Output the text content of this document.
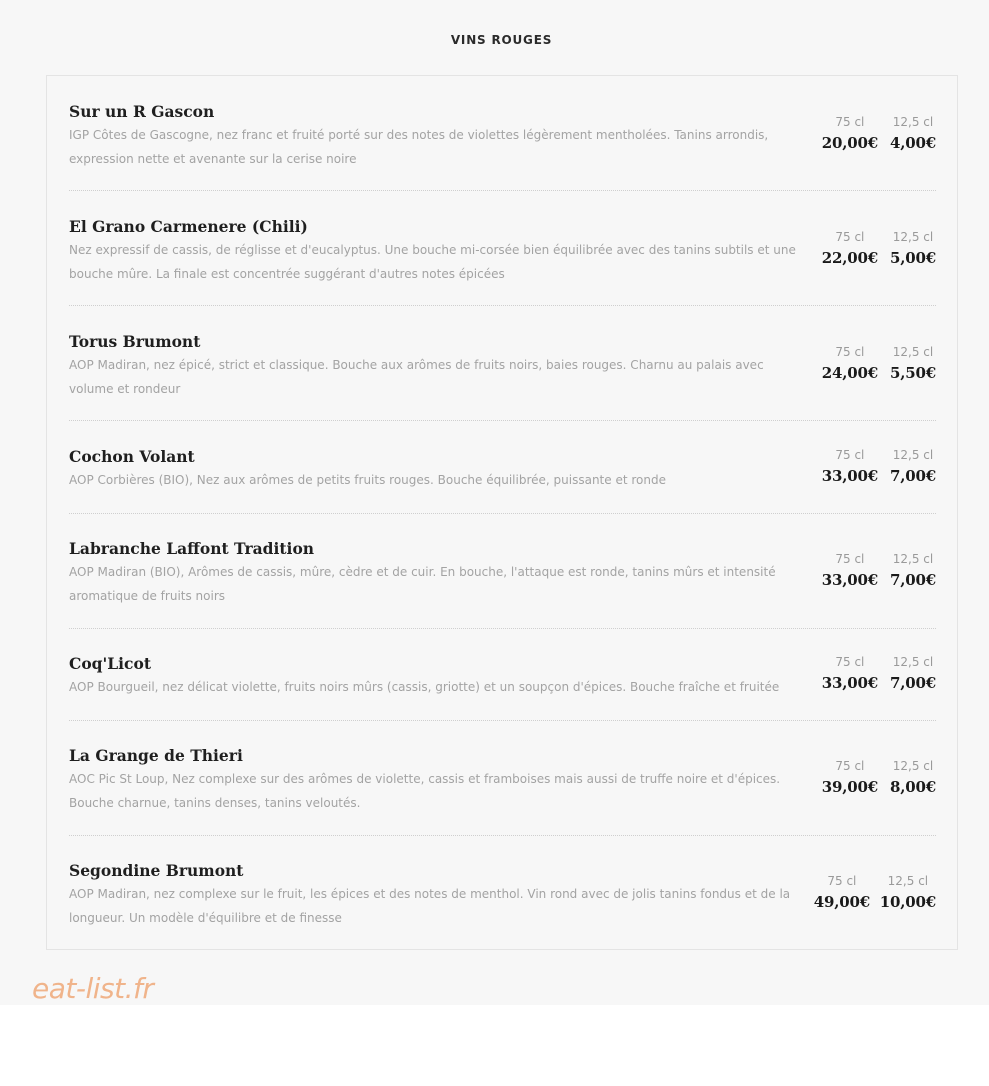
VINS ROUGES
Sur un R Gascon
IGP Côtes de Gascogne, nez franc et fruité porté sur des notes de violettes légèrement mentholées. Tanins arrondis, expression nette et avenante sur la cerise noire
75 cl
20,00€
12,5 cl
4,00€
El Grano Carmenere (Chili)
Nez expressif de cassis, de réglisse et d'eucalyptus. Une bouche mi-corsée bien équilibrée avec des tanins subtils et une bouche mûre. La finale est concentrée suggérant d'autres notes épicées
75 cl
22,00€
12,5 cl
5,00€
Torus Brumont
AOP Madiran, nez épicé, strict et classique. Bouche aux arômes de fruits noirs, baies rouges. Charnu au palais avec volume et rondeur
75 cl
24,00€
12,5 cl
5,50€
Cochon Volant
AOP Corbières (BIO), Nez aux arômes de petits fruits rouges. Bouche équilibrée, puissante et ronde
75 cl
33,00€
12,5 cl
7,00€
Labranche Laffont Tradition
AOP Madiran (BIO), Arômes de cassis, mûre, cèdre et de cuir. En bouche, l'attaque est ronde, tanins mûrs et intensité aromatique de fruits noirs
75 cl
33,00€
12,5 cl
7,00€
Coq'Licot
AOP Bourgueil, nez délicat violette, fruits noirs mûrs (cassis, griotte) et un soupçon d'épices. Bouche fraîche et fruitée
75 cl
33,00€
12,5 cl
7,00€
La Grange de Thieri
AOC Pic St Loup, Nez complexe sur des arômes de violette, cassis et framboises mais aussi de truffe noire et d'épices. Bouche charnue, tanins denses, tanins veloutés.
75 cl
39,00€
12,5 cl
8,00€
Segondine Brumont
AOP Madiran, nez complexe sur le fruit, les épices et des notes de menthol. Vin rond avec de jolis tanins fondus et de la longueur. Un modèle d'équilibre et de finesse
75 cl
49,00€
12,5 cl
10,00€
eat-list.fr
